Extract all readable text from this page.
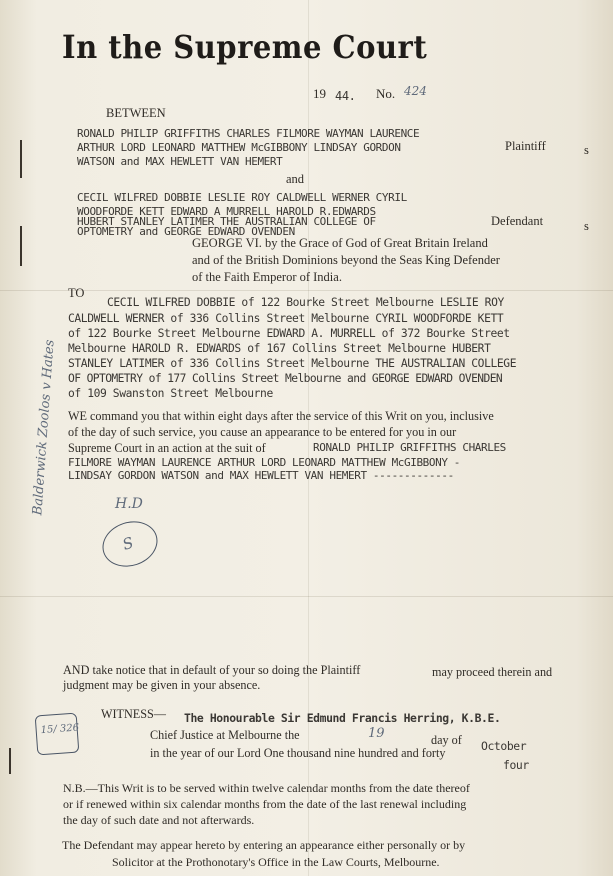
In the Supreme Court
19 44. No. 424
BETWEEN
RONALD PHILIP GRIFFITHS CHARLES FILMORE WAYMAN LAURENCE
ARTHUR LORD LEONARD MATTHEW McGIBBONY LINDSAY GORDON
WATSON and MAX HEWLETT VAN HEMERT
Plaintiff	s
and
CECIL WILFRED DOBBIE LESLIE ROY CALDWELL WERNER CYRIL
WOODFORDE KETT EDWARD A MURRELL HAROLD R.EDWARDS
HUBERT STANLEY LATIMER THE AUSTRALIAN COLLEGE OF
OPTOMETRY and GEORGE EDWARD OVENDEN
Defendant	s
GEORGE VI. by the Grace of God of Great Britain Ireland
and of the British Dominions beyond the Seas King Defender
of the Faith Emperor of India.
TO
CECIL WILFRED DOBBIE of 122 Bourke Street Melbourne LESLIE ROY
CALDWELL WERNER of 336 Collins Street Melbourne CYRIL WOODFORDE KETT
of 122 Bourke Street Melbourne EDWARD A. MURRELL of 372 Bourke Street
Melbourne HAROLD R. EDWARDS of 167 Collins Street Melbourne HUBERT
STANLEY LATIMER of 336 Collins Street Melbourne THE AUSTRALIAN COLLEGE
OF OPTOMETRY of 177 Collins Street Melbourne and GEORGE EDWARD OVENDEN
of 109 Swanston Street Melbourne
WE command you that within eight days after the service of this Writ on you, inclusive
of the day of such service, you cause an appearance to be entered for you in our
Supreme Court in an action at the suit of	RONALD PHILIP GRIFFITHS CHARLES
FILMORE WAYMAN LAURENCE ARTHUR LORD LEONARD MATTHEW McGIBBONY -
LINDSAY GORDON WATSON and MAX HEWLETT VAN HEMERT -------------
Balderwick Zoolos v Hates	H.D
S
AND take notice that in default of your so doing the Plaintiff	may proceed therein and
judgment may be given in your absence.
15/ 326
WITNESS— The Honourable Sir Edmund Francis Herring, K.B.E.
Chief Justice at Melbourne the	19	day of October
in the year of our Lord One thousand nine hundred and forty
four
N.B.—This Writ is to be served within twelve calendar months from the date thereof
or if renewed within six calendar months from the date of the last renewal including
the day of such date and not afterwards.
The Defendant may appear hereto by entering an appearance either personally or by
Solicitor at the Prothonotary's Office in the Law Courts, Melbourne.
